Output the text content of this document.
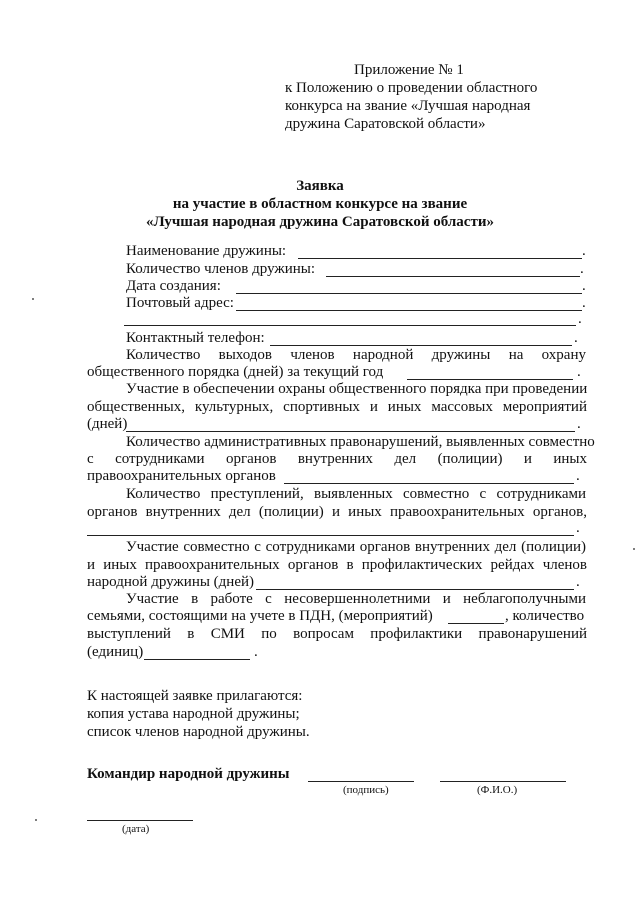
Приложение № 1
к Положению о проведении областного
конкурса на звание «Лучшая народная
дружина Саратовской области»
Заявка
на участие в областном конкурсе на звание
«Лучшая народная дружина Саратовской области»
Наименование дружины:	.
Количество членов дружины:	.
Дата создания:	.
Почтовый адрес:	.
.
Контактный телефон:	.
Количество выходов членов народной дружины на охрану
общественного порядка (дней) за текущий год	.
Участие в обеспечении охраны общественного порядка при проведении
общественных, культурных, спортивных и иных массовых мероприятий
(дней)	.
Количество административных правонарушений, выявленных совместно
с сотрудниками органов внутренних дел (полиции) и иных
правоохранительных органов	.
Количество преступлений, выявленных совместно с сотрудниками
органов внутренних дел (полиции) и иных правоохранительных органов,
.
Участие совместно с сотрудниками органов внутренних дел (полиции)
и иных правоохранительных органов в профилактических рейдах членов
народной дружины (дней)	.
Участие в работе с несовершеннолетними и неблагополучными
семьями, состоящими на учете в ПДН, (мероприятий)	, количество
выступлений в СМИ по вопросам профилактики правонарушений
(единиц)	.
К настоящей заявке прилагаются:
копия устава народной дружины;
список членов народной дружины.
Командир народной дружины
(подпись)	(Ф.И.О.)
(дата)
